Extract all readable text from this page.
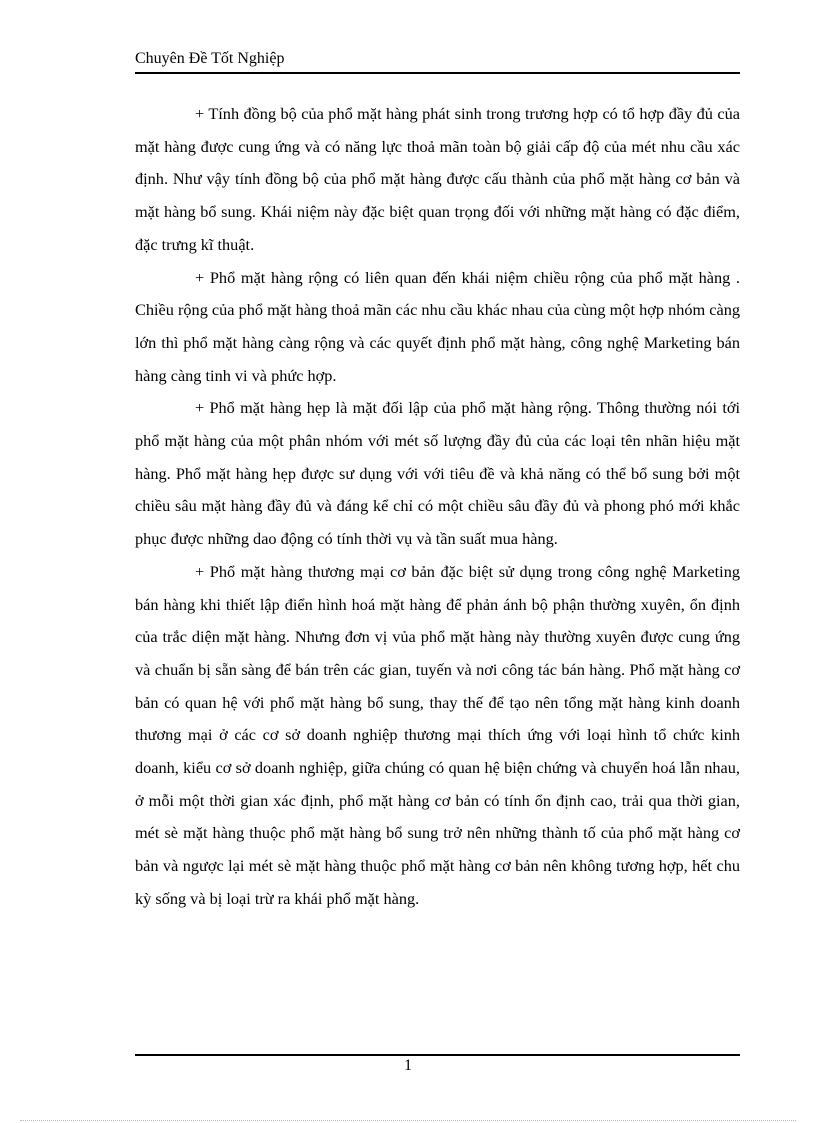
Chuyên Đề Tốt Nghiệp

+ Tính đồng bộ của phổ mặt hàng phát sinh trong trương hợp có tổ hợp đầy đủ của mặt hàng được cung ứng và có năng lực thoả mãn toàn bộ giải cấp độ của mét nhu cầu xác định. Như vậy tính đồng bộ của phổ mặt hàng được cấu thành của phổ mặt hàng cơ bản và mặt hàng bổ sung. Khái niệm này đặc biệt quan trọng đối với những mặt hàng có đặc điểm, đặc trưng kĩ thuật.

+ Phổ mặt hàng rộng có liên quan đến khái niệm chiều rộng của phổ mặt hàng . Chiều rộng của phổ mặt hàng thoả mãn các nhu cầu khác nhau của cùng một hợp nhóm càng lớn thì phổ mặt hàng càng rộng và các quyết định phổ mặt hàng, công nghệ Marketing bán hàng càng tinh vi và phức hợp.

+ Phổ mặt hàng hẹp là mặt đối lập của phổ mặt hàng rộng. Thông thường nói tới phổ mặt hàng của một phân nhóm với mét số lượng đầy đủ của các loại tên nhãn hiệu mặt hàng. Phổ mặt hàng hẹp được sư dụng với với tiêu đề và khả năng có thể bổ sung bởi một chiều sâu mặt hàng đầy đủ và đáng kể chỉ có một chiều sâu đầy đủ và phong phó mới khắc phục được những dao động có tính thời vụ và tần suất mua hàng.

+ Phổ mặt hàng thương mại cơ bản đặc biệt sử dụng trong công nghệ Marketing bán hàng khi thiết lập điển hình hoá mặt hàng để phản ánh bộ phận thường xuyên, ổn định của trắc diện mặt hàng. Nhưng đơn vị vủa phổ mặt hàng này thường xuyên được cung ứng và chuẩn bị sẵn sàng để bán trên các gian, tuyến và nơi công tác bán hàng. Phổ mặt hàng cơ bản có quan hệ với phổ mặt hàng bổ sung, thay thế để tạo nên tổng mặt hàng kinh doanh thương mại ở các cơ sở doanh nghiệp thương mại thích ứng với loại hình tổ chức kinh doanh, kiểu cơ sở doanh nghiệp, giữa chúng có quan hệ biện chứng và chuyển hoá lẫn nhau, ở mỗi một thời gian xác định, phổ mặt hàng cơ bản có tính ổn định cao, trải qua thời gian, mét sè mặt hàng thuộc phổ mặt hàng bổ sung trở nên những thành tố của phổ mặt hàng cơ bản và ngược lại mét sè mặt hàng thuộc phổ mặt hàng cơ bản nên không tương hợp, hết chu kỳ sống và bị loại trừ ra khái phổ mặt hàng.

1
